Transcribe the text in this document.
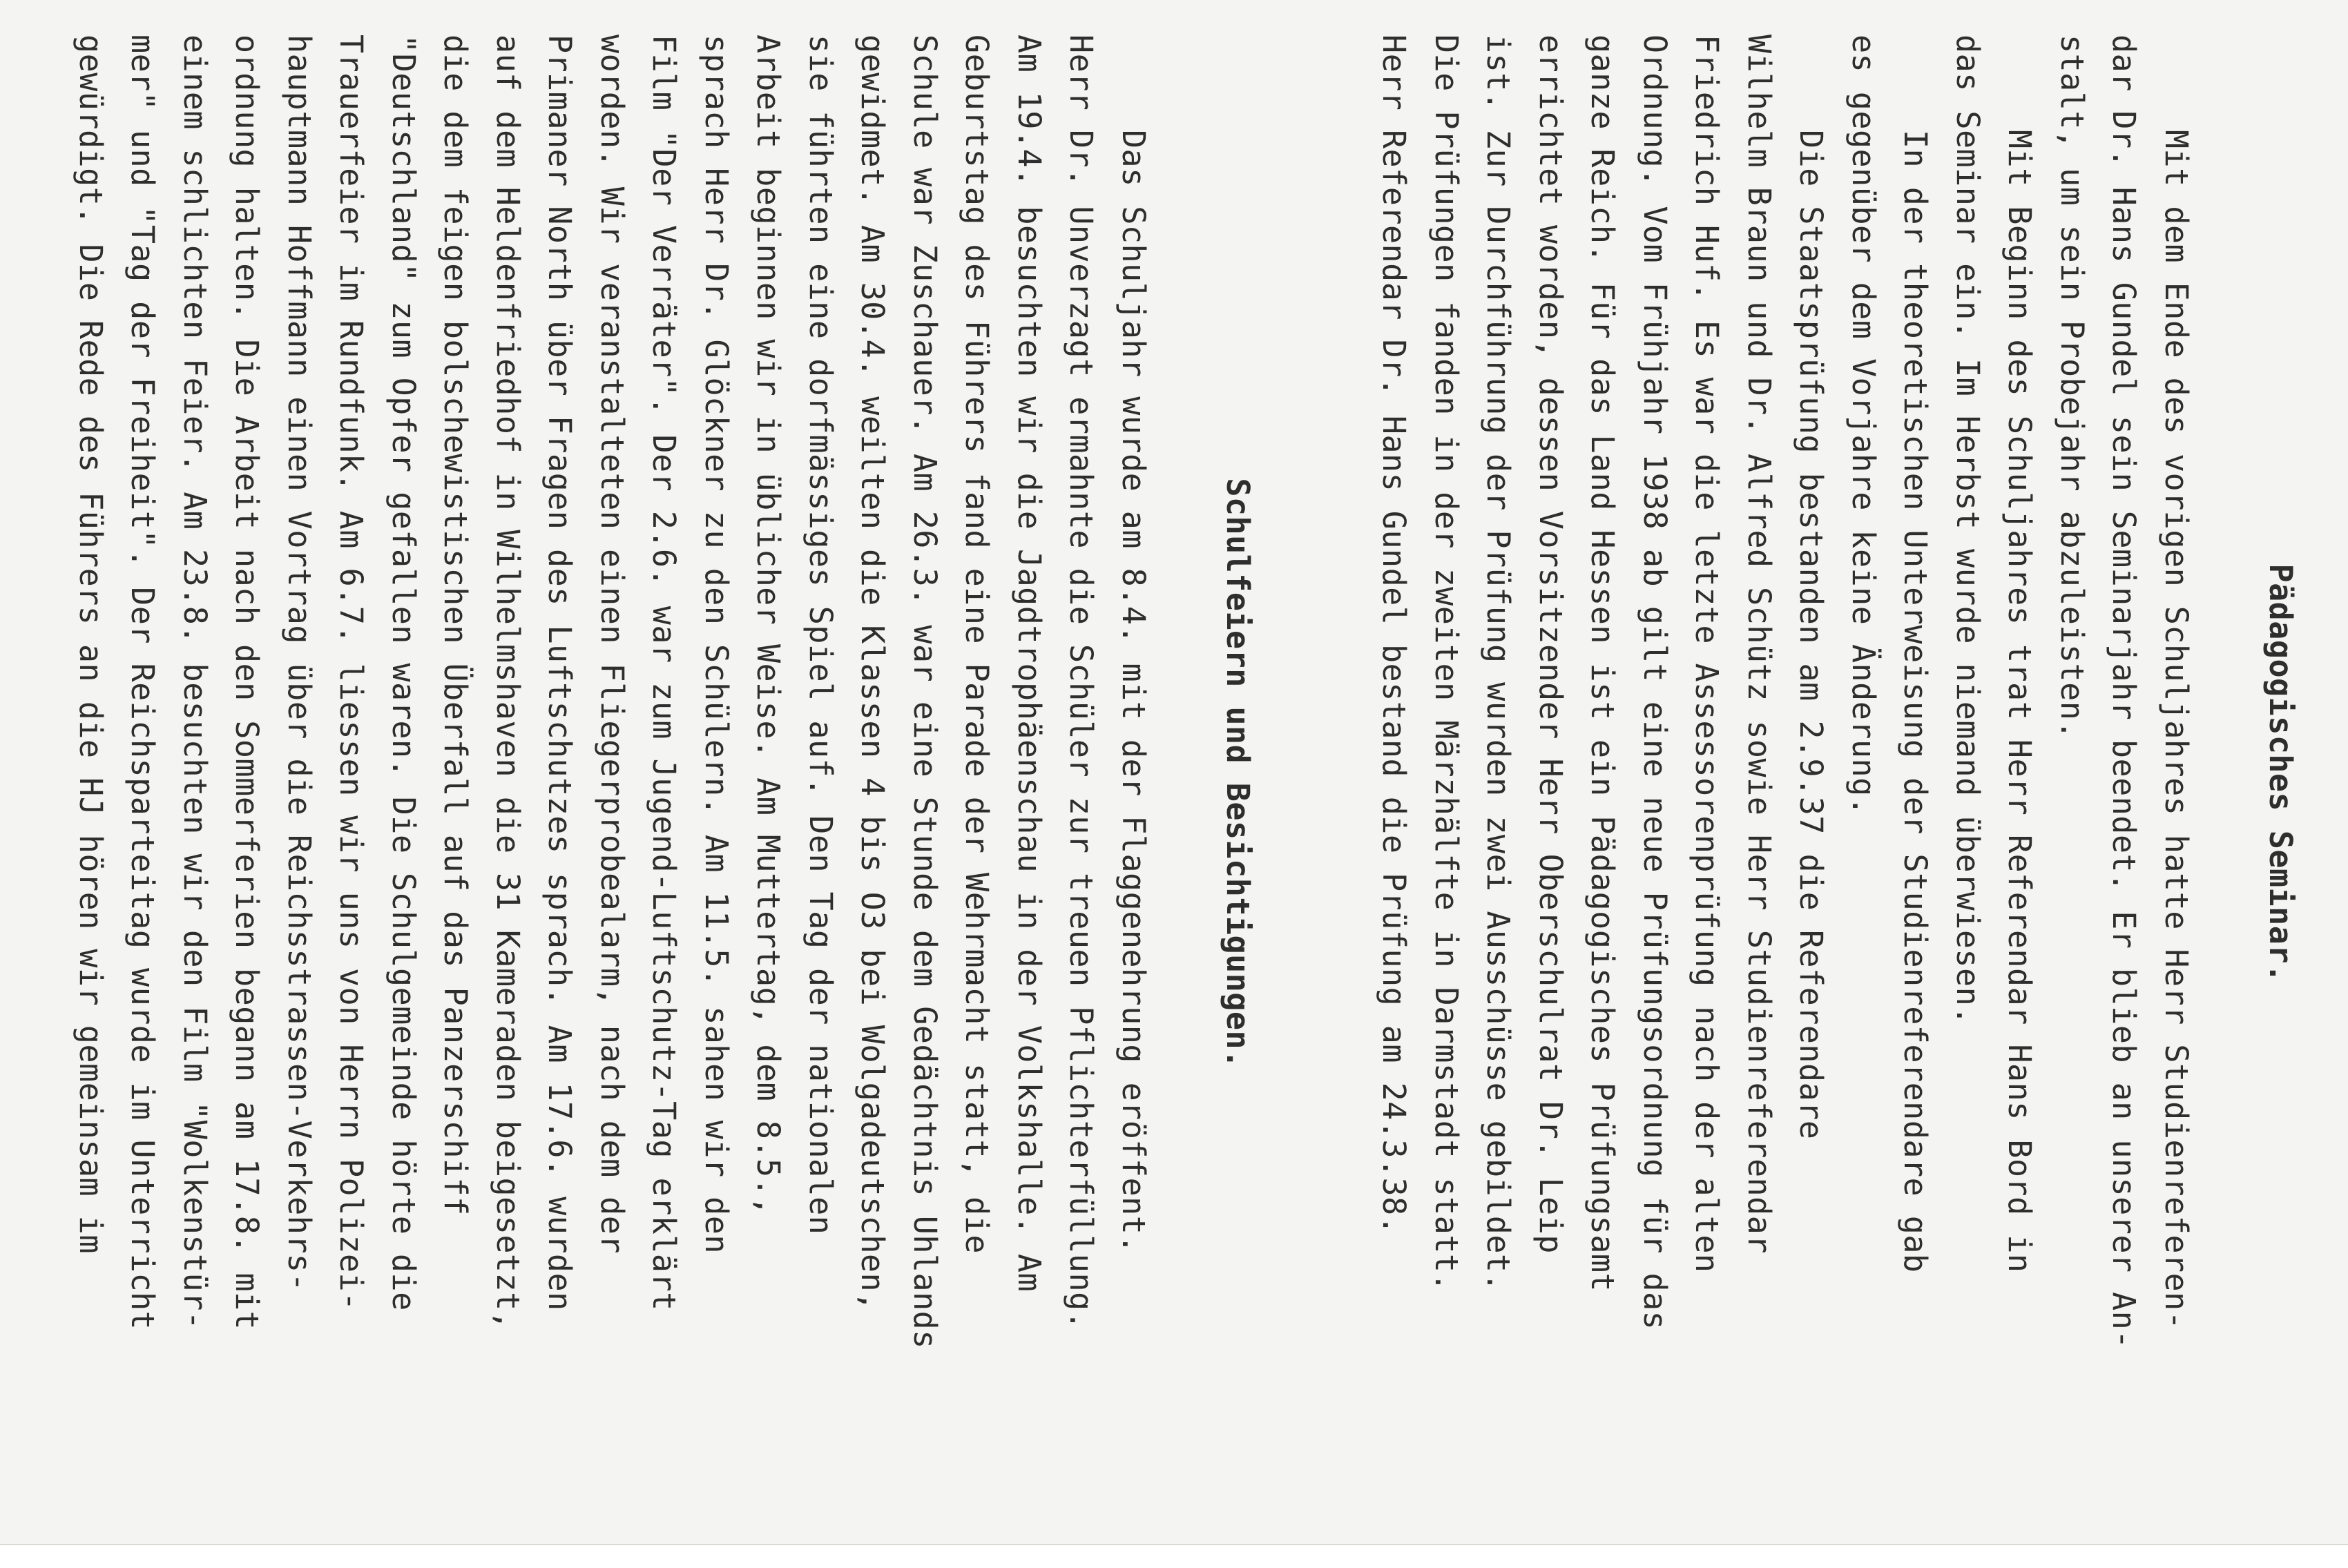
Pädagogisches Seminar.
Mit dem Ende des vorigen Schuljahres hatte Herr Studienreferen-
dar Dr. Hans Gundel sein Seminarjahr beendet. Er blieb an unserer An-
stalt, um sein Probejahr abzuleisten.
Mit Beginn des Schuljahres trat Herr Referendar Hans Bord in
das Seminar ein. Im Herbst wurde niemand überwiesen.
In der theoretischen Unterweisung der Studienreferendare gab
es gegenüber dem Vorjahre keine Änderung.
Die Staatsprüfung bestanden am 2.9.37 die Referendare
Wilhelm Braun und Dr. Alfred Schütz sowie Herr Studienreferendar
Friedrich Huf. Es war die letzte Assessorenprüfung nach der alten
Ordnung. Vom Frühjahr 1938 ab gilt eine neue Prüfungsordnung für das
ganze Reich. Für das Land Hessen ist ein Pädagogisches Prüfungsamt
errichtet worden, dessen Vorsitzender Herr Oberschulrat Dr. Leip
ist. Zur Durchführung der Prüfung wurden zwei Ausschüsse gebildet.
Die Prüfungen fanden in der zweiten Märzhälfte in Darmstadt statt.
Herr Referendar Dr. Hans Gundel bestand die Prüfung am 24.3.38.
Schulfeiern und Besichtigungen.
Das Schuljahr wurde am 8.4. mit der Flaggenehrung eröffent.
Herr Dr. Unverzagt ermahnte die Schüler zur treuen Pflichterfüllung.
Am 19.4. besuchten wir die Jagdtrophäenschau in der Volkshalle. Am
Geburtstag des Führers fand eine Parade der Wehrmacht statt, die
Schule war Zuschauer. Am 26.3. war eine Stunde dem Gedächtnis Uhlands
gewidmet. Am 30.4. weilten die Klassen 4 bis O3 bei Wolgadeutschen,
sie führten eine dorfmässiges Spiel auf. Den Tag der nationalen
Arbeit beginnen wir in üblicher Weise. Am Muttertag, dem 8.5.,
sprach Herr Dr. Glöckner zu den Schülern. Am 11.5. sahen wir den
Film "Der Verräter". Der 2.6. war zum Jugend-Luftschutz-Tag erklärt
worden. Wir veranstalteten einen Fliegerprobealarm, nach dem der
Primaner North über Fragen des Luftschutzes sprach. Am 17.6. wurden
auf dem Heldenfriedhof in Wilhelmshaven die 31 Kameraden beigesetzt,
die dem feigen bolschewistischen Überfall auf das Panzerschiff
"Deutschland" zum Opfer gefallen waren. Die Schulgemeinde hörte die
Trauerfeier im Rundfunk. Am 6.7. liessen wir uns von Herrn Polizei-
hauptmann Hoffmann einen Vortrag über die Reichsstrassen-Verkehrs-
ordnung halten. Die Arbeit nach den Sommerferien begann am 17.8. mit
einem schlichten Feier. Am 23.8. besuchten wir den Film "Wolkenstür-
mer" und "Tag der Freiheit". Der Reichsparteitag wurde im Unterricht
gewürdigt. Die Rede des Führers an die HJ hören wir gemeinsam im
